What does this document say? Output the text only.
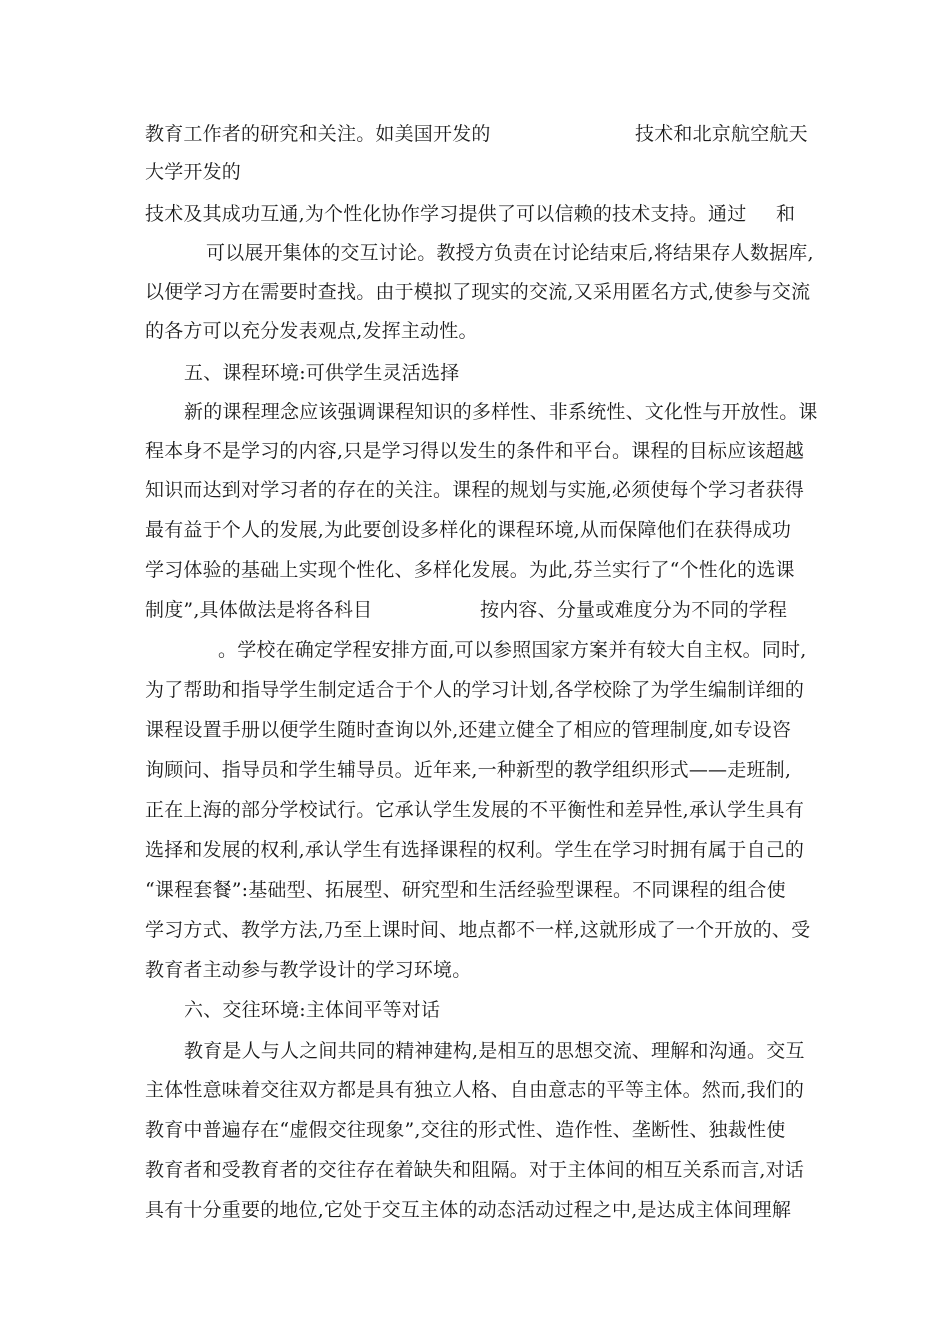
教育工作者的研究和关注。如美国开发的	技术和北京航空航天
大学开发的
技术及其成功互通,为个性化协作学习提供了可以信赖的技术支持。通过 和
可以展开集体的交互讨论。教授方负责在讨论结束后,将结果存人数据库,
以便学习方在需要时查找。由于模拟了现实的交流,又采用匿名方式,使参与交流
的各方可以充分发表观点,发挥主动性。
五、课程环境:可供学生灵活选择
新的课程理念应该强调课程知识的多样性、非系统性、文化性与开放性。课
程本身不是学习的内容,只是学习得以发生的条件和平台。课程的目标应该超越
知识而达到对学习者的存在的关注。课程的规划与实施,必须使每个学习者获得
最有益于个人的发展,为此要创设多样化的课程环境,从而保障他们在获得成功
学习体验的基础上实现个性化、多样化发展。为此,芬兰实行了“个性化的选课
制度”,具体做法是将各科目	按内容、分量或难度分为不同的学程
。学校在确定学程安排方面,可以参照国家方案并有较大自主权。同时,
为了帮助和指导学生制定适合于个人的学习计划,各学校除了为学生编制详细的
课程设置手册以便学生随时查询以外,还建立健全了相应的管理制度,如专设咨
询顾问、指导员和学生辅导员。近年来,一种新型的教学组织形式——走班制,
正在上海的部分学校试行。它承认学生发展的不平衡性和差异性,承认学生具有
选择和发展的权利,承认学生有选择课程的权利。学生在学习时拥有属于自己的
“课程套餐”:基础型、拓展型、研究型和生活经验型课程。不同课程的组合使
学习方式、教学方法,乃至上课时间、地点都不一样,这就形成了一个开放的、受
教育者主动参与教学设计的学习环境。
六、交往环境:主体间平等对话
教育是人与人之间共同的精神建构,是相互的思想交流、理解和沟通。交互
主体性意味着交往双方都是具有独立人格、自由意志的平等主体。然而,我们的
教育中普遍存在“虚假交往现象”,交往的形式性、造作性、垄断性、独裁性使
教育者和受教育者的交往存在着缺失和阻隔。对于主体间的相互关系而言,对话
具有十分重要的地位,它处于交互主体的动态活动过程之中,是达成主体间理解
